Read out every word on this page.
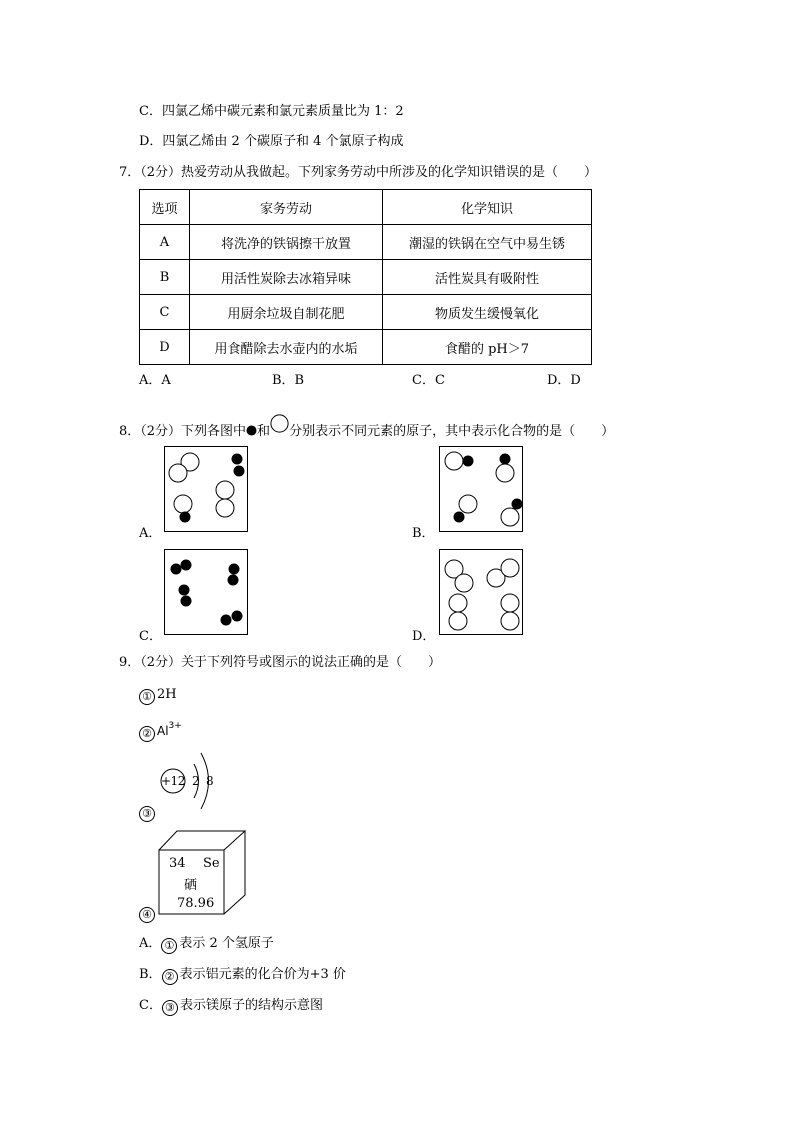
C．四氯乙烯中碳元素和氯元素质量比为 1：2
D．四氯乙烯由 2 个碳原子和 4 个氯原子构成
7．（2分）热爱劳动从我做起。下列家务劳动中所涉及的化学知识错误的是（　　）
选项	家务劳动	化学知识
A	将洗净的铁锅擦干放置	潮湿的铁锅在空气中易生锈
B	用活性炭除去冰箱异味	活性炭具有吸附性
C	用厨余垃圾自制花肥	物质发生缓慢氧化
D	用食醋除去水壶内的水垢	食醋的 pH＞7
A．A	B．B	C．C	D．D
8．（2分）下列各图中 和 分别表示不同元素的原子，其中表示化合物的是（　　）
A．	B．
C．	D．
9．（2分）关于下列符号或图示的说法正确的是（　　）
① 2H
② $Al^{3+}$
+12 2 8
③
34 Se
硒
78.96
④
A． ① 表示 2 个氢原子
B． ② 表示铝元素的化合价为+3 价
C． ③ 表示镁原子的结构示意图
